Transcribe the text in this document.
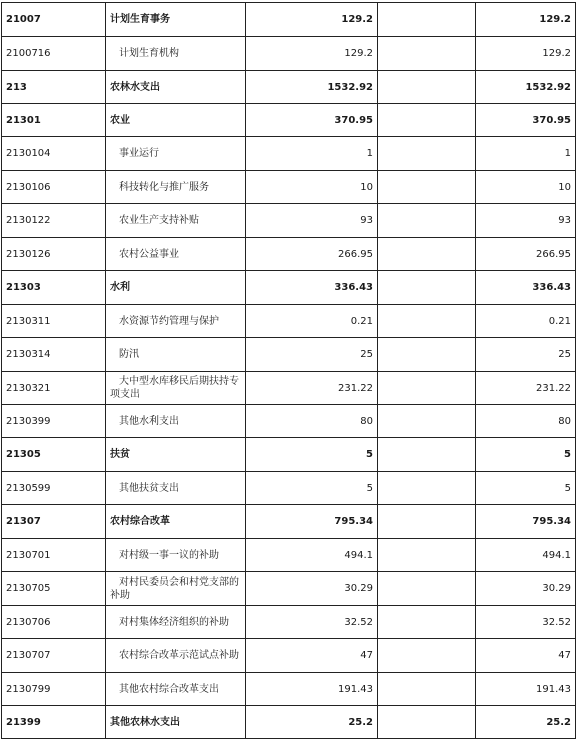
21007	计划生育事务	129.2		129.2
2100716	计划生育机构	129.2		129.2
213	农林水支出	1532.92		1532.92
21301	农业	370.95		370.95
2130104	事业运行	1		1
2130106	科技转化与推广服务	10		10
2130122	农业生产支持补贴	93		93
2130126	农村公益事业	266.95		266.95
21303	水利	336.43		336.43
2130311	水资源节约管理与保护	0.21		0.21
2130314	防汛	25		25
2130321	大中型水库移民后期扶持专项支出	231.22		231.22
2130399	其他水利支出	80		80
21305	扶贫	5		5
2130599	其他扶贫支出	5		5
21307	农村综合改革	795.34		795.34
2130701	对村级一事一议的补助	494.1		494.1
2130705	对村民委员会和村党支部的补助	30.29		30.29
2130706	对村集体经济组织的补助	32.52		32.52
2130707	农村综合改革示范试点补助	47		47
2130799	其他农村综合改革支出	191.43		191.43
21399	其他农林水支出	25.2		25.2
